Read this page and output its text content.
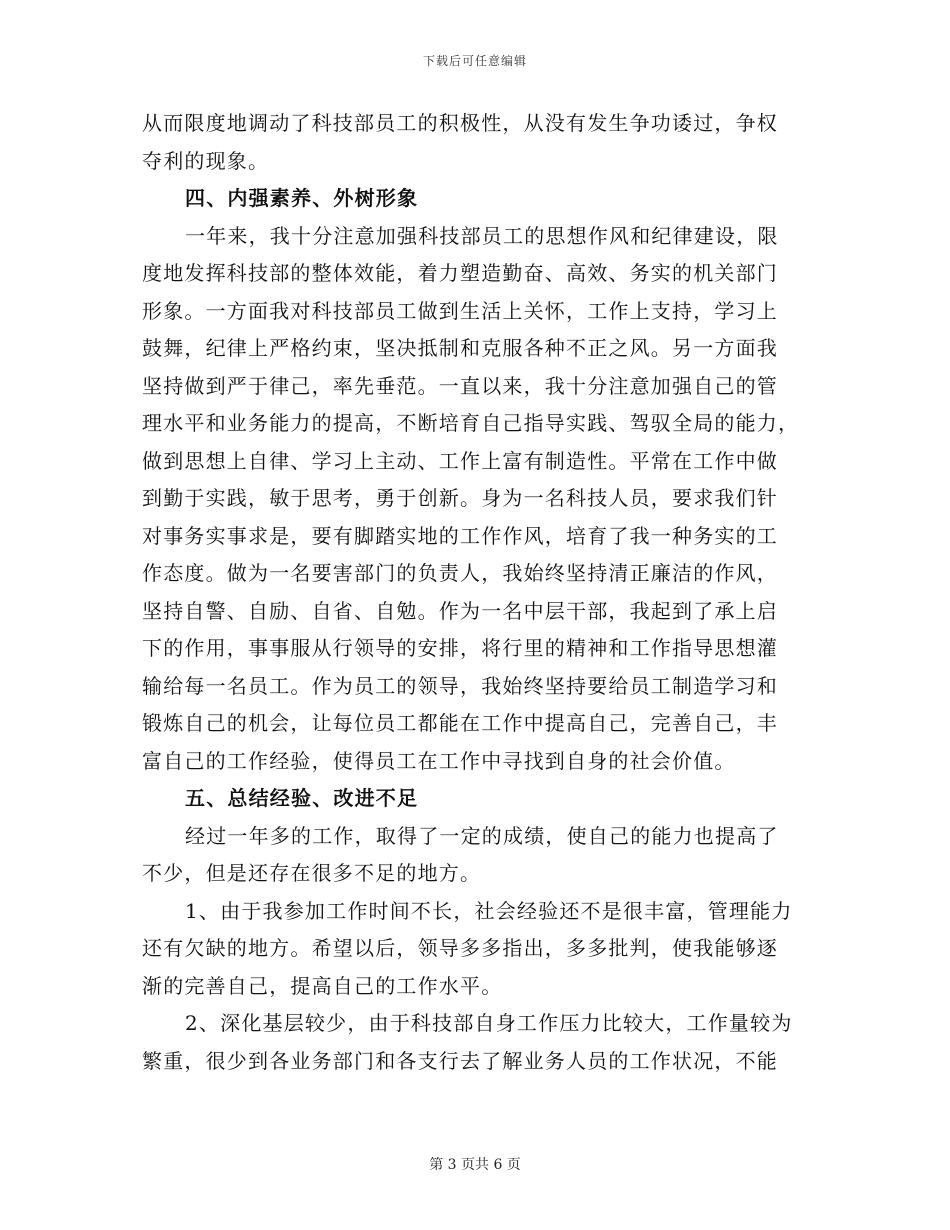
下载后可任意编辑
从而限度地调动了科技部员工的积极性，从没有发生争功诿过，争权
夺利的现象。
四、内强素养、外树形象
一年来，我十分注意加强科技部员工的思想作风和纪律建设，限
度地发挥科技部的整体效能，着力塑造勤奋、高效、务实的机关部门
形象。一方面我对科技部员工做到生活上关怀，工作上支持，学习上
鼓舞，纪律上严格约束，坚决抵制和克服各种不正之风。另一方面我
坚持做到严于律己，率先垂范。一直以来，我十分注意加强自己的管
理水平和业务能力的提高，不断培育自己指导实践、驾驭全局的能力，
做到思想上自律、学习上主动、工作上富有制造性。平常在工作中做
到勤于实践，敏于思考，勇于创新。身为一名科技人员，要求我们针
对事务实事求是，要有脚踏实地的工作作风，培育了我一种务实的工
作态度。做为一名要害部门的负责人，我始终坚持清正廉洁的作风，
坚持自警、自励、自省、自勉。作为一名中层干部，我起到了承上启
下的作用，事事服从行领导的安排，将行里的精神和工作指导思想灌
输给每一名员工。作为员工的领导，我始终坚持要给员工制造学习和
锻炼自己的机会，让每位员工都能在工作中提高自己，完善自己，丰
富自己的工作经验，使得员工在工作中寻找到自身的社会价值。
五、总结经验、改进不足
经过一年多的工作，取得了一定的成绩，使自己的能力也提高了
不少，但是还存在很多不足的地方。
1、由于我参加工作时间不长，社会经验还不是很丰富，管理能力
还有欠缺的地方。希望以后，领导多多指出，多多批判，使我能够逐
渐的完善自己，提高自己的工作水平。
2、深化基层较少，由于科技部自身工作压力比较大，工作量较为
繁重，很少到各业务部门和各支行去了解业务人员的工作状况，不能
第 3 页共 6 页
